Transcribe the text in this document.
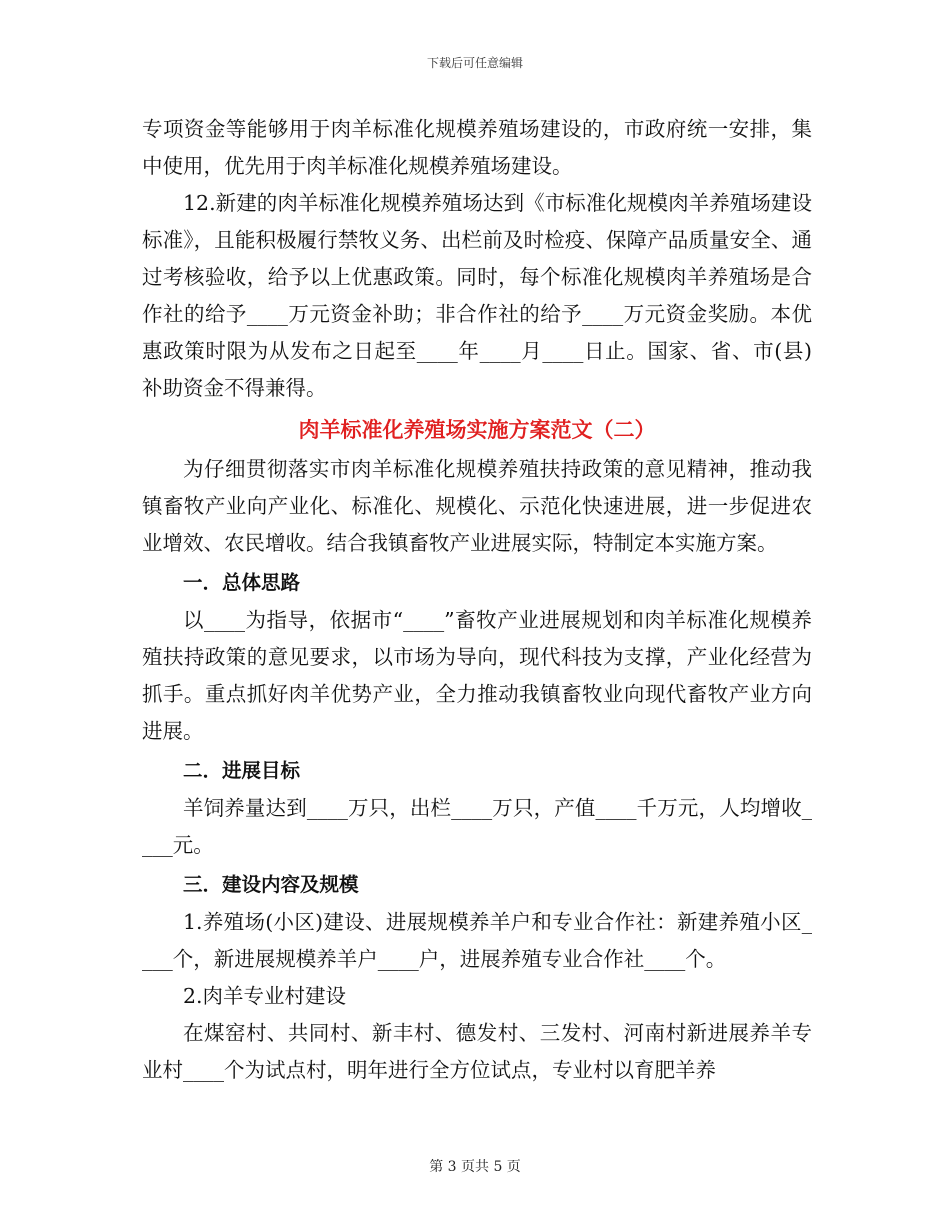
下载后可任意编辑

专项资金等能够用于肉羊标准化规模养殖场建设的，市政府统一安排，集中使用，优先用于肉羊标准化规模养殖场建设。

12.新建的肉羊标准化规模养殖场达到《市标准化规模肉羊养殖场建设标准》，且能积极履行禁牧义务、出栏前及时检疫、保障产品质量安全、通过考核验收，给予以上优惠政策。同时，每个标准化规模肉羊养殖场是合作社的给予____万元资金补助；非合作社的给予____万元资金奖励。本优惠政策时限为从发布之日起至____年____月____日止。国家、省、市(县)补助资金不得兼得。

肉羊标准化养殖场实施方案范文（二）

为仔细贯彻落实市肉羊标准化规模养殖扶持政策的意见精神，推动我镇畜牧产业向产业化、标准化、规模化、示范化快速进展，进一步促进农业增效、农民增收。结合我镇畜牧产业进展实际，特制定本实施方案。

一．总体思路

以____为指导，依据市“____”畜牧产业进展规划和肉羊标准化规模养殖扶持政策的意见要求，以市场为导向，现代科技为支撑，产业化经营为抓手。重点抓好肉羊优势产业，全力推动我镇畜牧业向现代畜牧产业方向进展。

二．进展目标

羊饲养量达到____万只，出栏____万只，产值____千万元，人均增收____元。

三．建设内容及规模

1.养殖场(小区)建设、进展规模养羊户和专业合作社：新建养殖小区____个，新进展规模养羊户____户，进展养殖专业合作社____个。

2.肉羊专业村建设

在煤窑村、共同村、新丰村、德发村、三发村、河南村新进展养羊专业村____个为试点村，明年进行全方位试点，专业村以育肥羊养

第 3 页共 5 页
